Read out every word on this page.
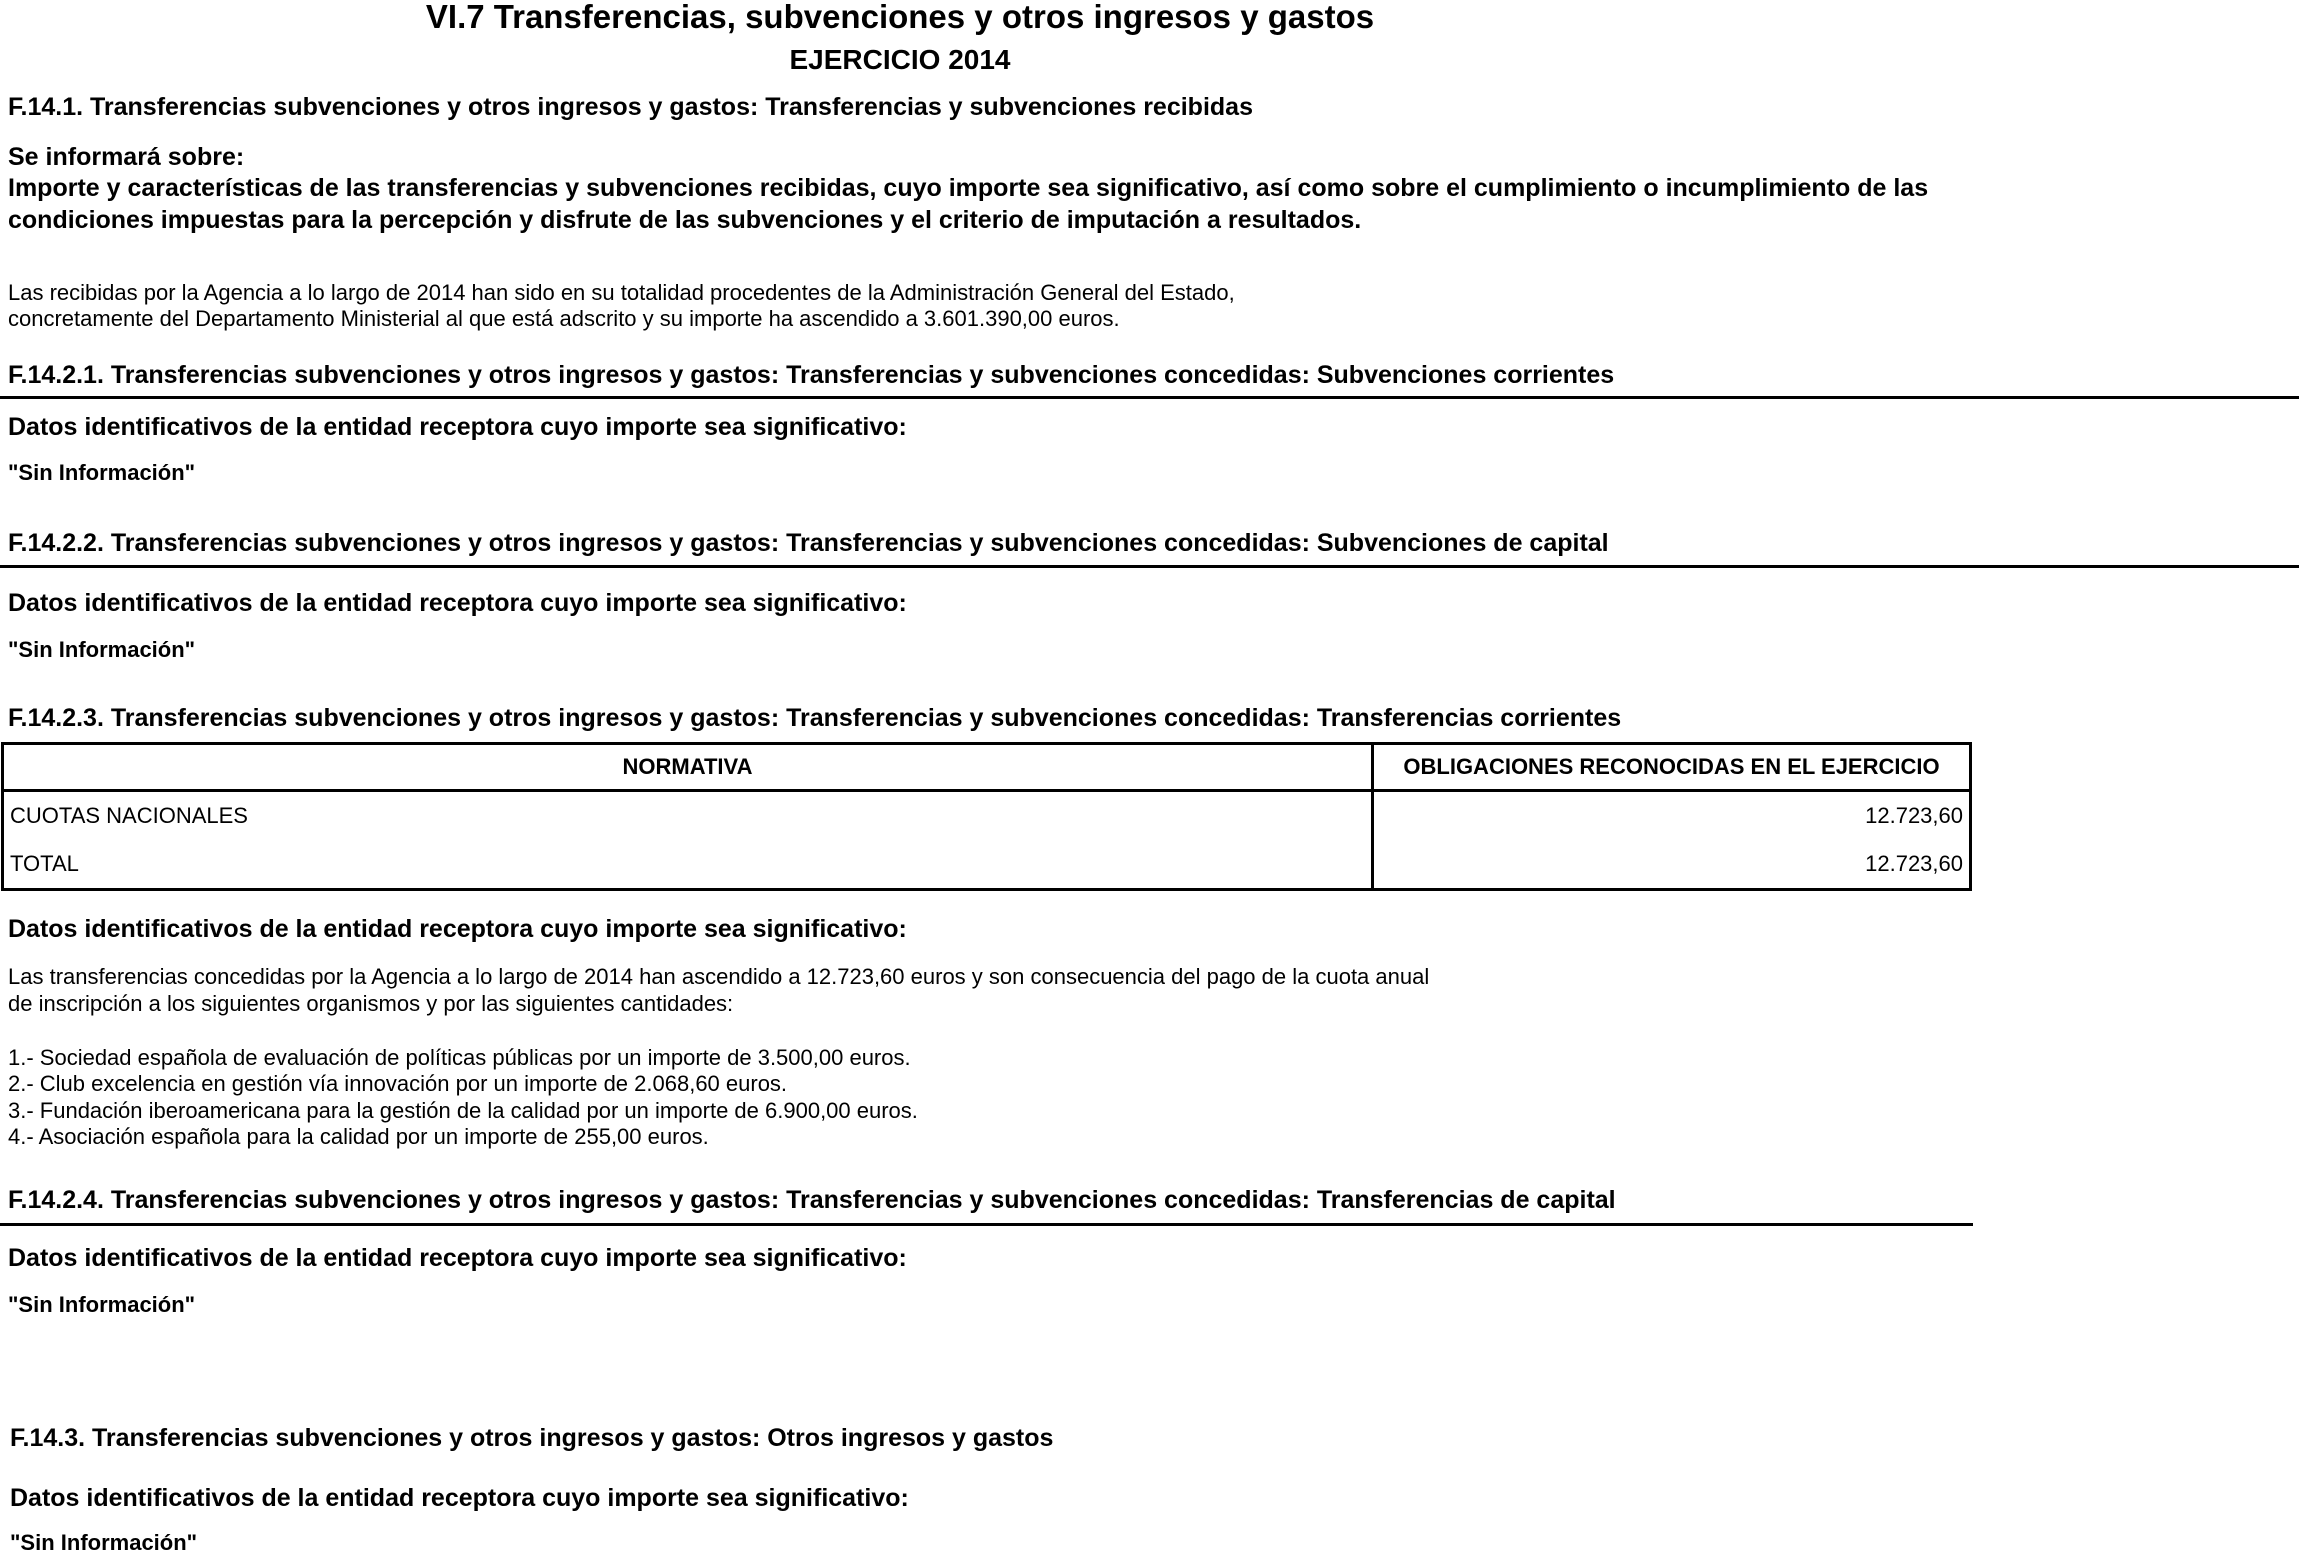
VI.7 Transferencias, subvenciones y otros ingresos y gastos
EJERCICIO 2014
F.14.1. Transferencias subvenciones y otros ingresos y gastos: Transferencias y subvenciones recibidas
Se informará sobre:
Importe y características de las transferencias y subvenciones recibidas, cuyo importe sea significativo, así como sobre el cumplimiento o incumplimiento de las
condiciones impuestas para la percepción y disfrute de las subvenciones y el criterio de imputación a resultados.
Las recibidas por la Agencia a lo largo de 2014 han sido en su totalidad procedentes de la Administración General del Estado,
concretamente del Departamento Ministerial al que está adscrito y su importe ha ascendido a 3.601.390,00 euros.
F.14.2.1. Transferencias subvenciones y otros ingresos y gastos: Transferencias y subvenciones concedidas: Subvenciones corrientes
Datos identificativos de la entidad receptora cuyo importe sea significativo:
"Sin Información"
F.14.2.2. Transferencias subvenciones y otros ingresos y gastos: Transferencias y subvenciones concedidas: Subvenciones de capital
Datos identificativos de la entidad receptora cuyo importe sea significativo:
"Sin Información"
F.14.2.3. Transferencias subvenciones y otros ingresos y gastos: Transferencias y subvenciones concedidas: Transferencias corrientes
NORMATIVA	OBLIGACIONES RECONOCIDAS EN EL EJERCICIO
CUOTAS NACIONALES	12.723,60
TOTAL	12.723,60
Datos identificativos de la entidad receptora cuyo importe sea significativo:
Las transferencias concedidas por la Agencia a lo largo de 2014 han ascendido a 12.723,60 euros y son consecuencia del pago de la cuota anual
de inscripción a los siguientes organismos y por las siguientes cantidades:
1.- Sociedad española de evaluación de políticas públicas por un importe de 3.500,00 euros.
2.- Club excelencia en gestión vía innovación por un importe de 2.068,60 euros.
3.- Fundación iberoamericana para la gestión de la calidad por un importe de 6.900,00 euros.
4.- Asociación española para la calidad por un importe de 255,00 euros.
F.14.2.4. Transferencias subvenciones y otros ingresos y gastos: Transferencias y subvenciones concedidas: Transferencias de capital
Datos identificativos de la entidad receptora cuyo importe sea significativo:
"Sin Información"
F.14.3. Transferencias subvenciones y otros ingresos y gastos: Otros ingresos y gastos
Datos identificativos de la entidad receptora cuyo importe sea significativo:
"Sin Información"
